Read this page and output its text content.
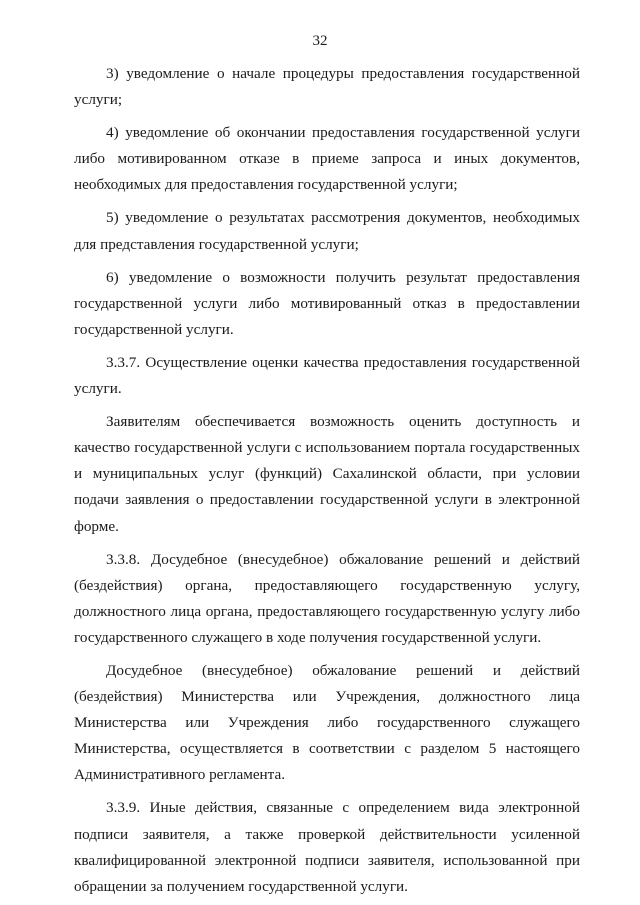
32

3) уведомление о начале процедуры предоставления государственной услуги;

4) уведомление об окончании предоставления государственной услуги либо мотивированном отказе в приеме запроса и иных документов, необходимых для предоставления государственной услуги;

5) уведомление о результатах рассмотрения документов, необходимых для представления государственной услуги;

6) уведомление о возможности получить результат предоставления государственной услуги либо мотивированный отказ в предоставлении государственной услуги.

3.3.7. Осуществление оценки качества предоставления государственной услуги.

Заявителям обеспечивается возможность оценить доступность и качество государственной услуги с использованием портала государственных и муниципальных услуг (функций) Сахалинской области, при условии подачи заявления о предоставлении государственной услуги в электронной форме.

3.3.8. Досудебное (внесудебное) обжалование решений и действий (бездействия) органа, предоставляющего государственную услугу, должностного лица органа, предоставляющего государственную услугу либо государственного служащего в ходе получения государственной услуги.

Досудебное (внесудебное) обжалование решений и действий (бездействия) Министерства или Учреждения, должностного лица Министерства или Учреждения либо государственного служащего Министерства, осуществляется в соответствии с разделом 5 настоящего Административного регламента.

3.3.9. Иные действия, связанные с определением вида электронной подписи заявителя, а также проверкой действительности усиленной квалифицированной электронной подписи заявителя, использованной при обращении за получением государственной услуги.
